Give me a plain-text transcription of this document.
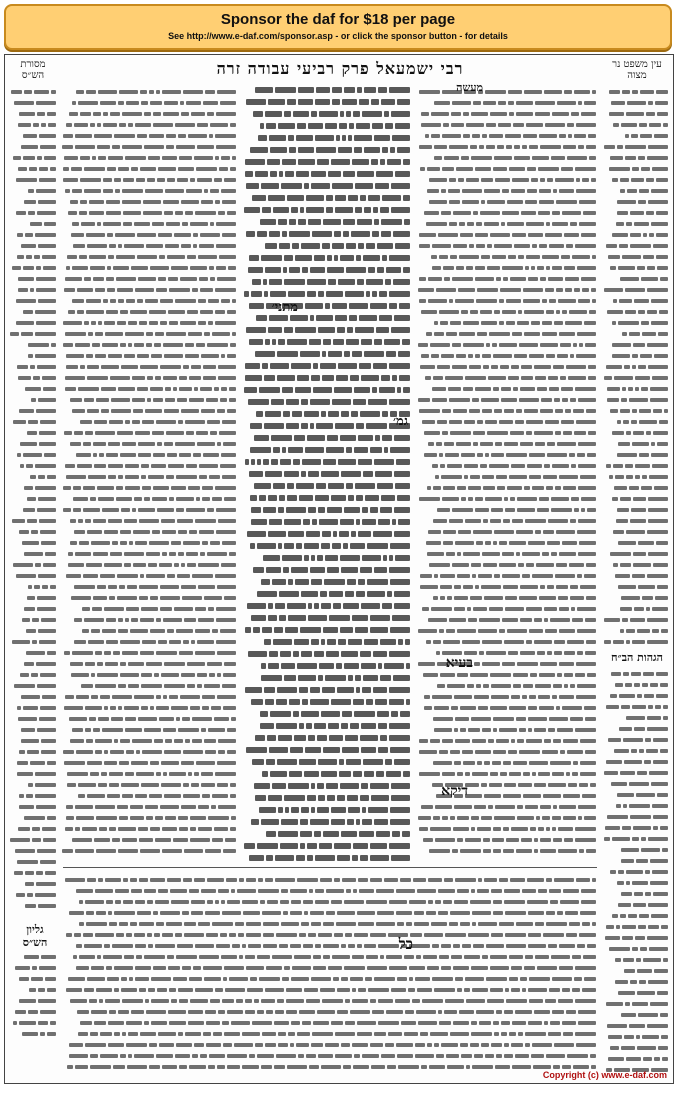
Sponsor the daf for $18 per page
See http://www.e-daf.com/sponsor.asp - or click the sponsor button - for details
עין משפט נר מצוה
רבי ישמעאל פרק רביעי עבודה זרה
מסורת הש״ס
הגהות הב״ח
מעשה
בעיא
דיקא
מתני׳
גמ׳
גליון הש״ס	כל
Copyright (c) www.e-daf.com
